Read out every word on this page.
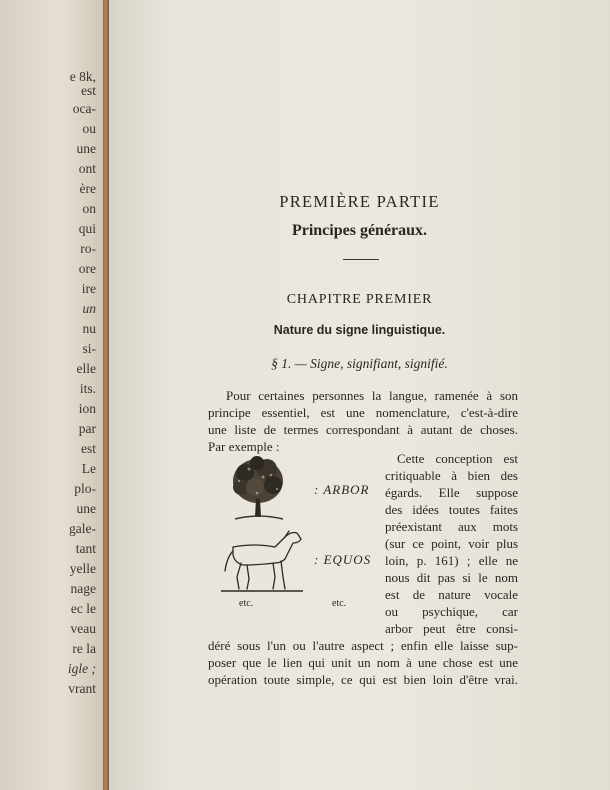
e 8k,
est
oca-
ou
une
ont
ère
on
qui
ro-
ore
ire
un
nu
si-
elle
its.
ion
par
est
Le
plo-
une
gale-
tant
yelle
nage
ec le
veau
re la
igle ;
vrant
PREMIÈRE PARTIE
Principes généraux.
CHAPITRE PREMIER
Nature du signe linguistique.
§ 1. — Signe, signifiant, signifié.
Pour certaines personnes la langue, ramenée à son
principe essentiel, est une nomenclature, c'est-à-dire
une liste de termes correspondant à autant de choses.
Par exemple :
Cette conception est
critiquable à bien des
égards. Elle suppose
des idées toutes faites
préexistant aux mots
(sur ce point, voir plus
loin, p. 161) ; elle ne
nous dit pas si le nom
est de nature vocale
ou psychique, car
arbor peut être consi-
: ARBOR
: EQUOS
etc.	etc.
déré sous l'un ou l'autre aspect ; enfin elle laisse sup-
poser que le lien qui unit un nom à une chose est une
opération toute simple, ce qui est bien loin d'être vrai.
